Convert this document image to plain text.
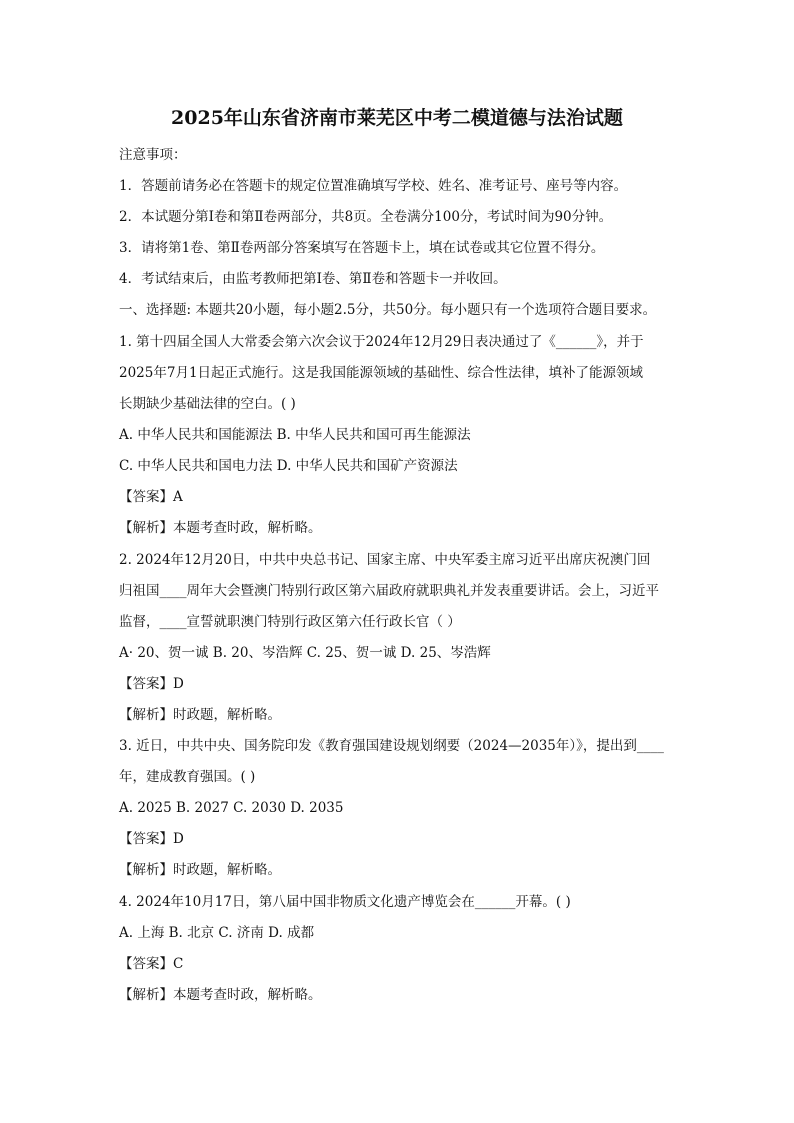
2025年山东省济南市莱芜区中考二模道德与法治试题
注意事项：
1．答题前请务必在答题卡的规定位置准确填写学校、姓名、准考证号、座号等内容。
2．本试题分第Ⅰ卷和第Ⅱ卷两部分，共8页。全卷满分100分，考试时间为90分钟。
3．请将第1卷、第Ⅱ卷两部分答案填写在答题卡上，填在试卷或其它位置不得分。
4．考试结束后，由监考教师把第Ⅰ卷、第Ⅱ卷和答题卡一并收回。
一、选择题: 本题共20小题，每小题2.5分，共50分。每小题只有一个选项符合题目要求。
1. 第十四届全国人大常委会第六次会议于2024年12月29日表决通过了《______》，并于
2025年7月1日起正式施行。这是我国能源领域的基础性、综合性法律，填补了能源领域
长期缺少基础法律的空白。( )
A. 中华人民共和国能源法 B. 中华人民共和国可再生能源法
C. 中华人民共和国电力法 D. 中华人民共和国矿产资源法
【答案】A
【解析】本题考查时政，解析略。
2. 2024年12月20日，中共中央总书记、国家主席、中央军委主席习近平出席庆祝澳门回
归祖国____周年大会暨澳门特别行政区第六届政府就职典礼并发表重要讲话。会上，习近平
监督，____宣誓就职澳门特别行政区第六任行政长官（ ）
A· 20、贺一诚 B. 20、岑浩辉 C. 25、贺一诚 D. 25、岑浩辉
【答案】D
【解析】时政题，解析略。
3. 近日，中共中央、国务院印发《教育强国建设规划纲要（2024—2035年）》，提出到____
年，建成教育强国。( )
A. 2025 B. 2027 C. 2030 D. 2035
【答案】D
【解析】时政题，解析略。
4. 2024年10月17日，第八届中国非物质文化遗产博览会在______开幕。( )
A. 上海 B. 北京 C. 济南 D. 成都
【答案】C
【解析】本题考查时政，解析略。
